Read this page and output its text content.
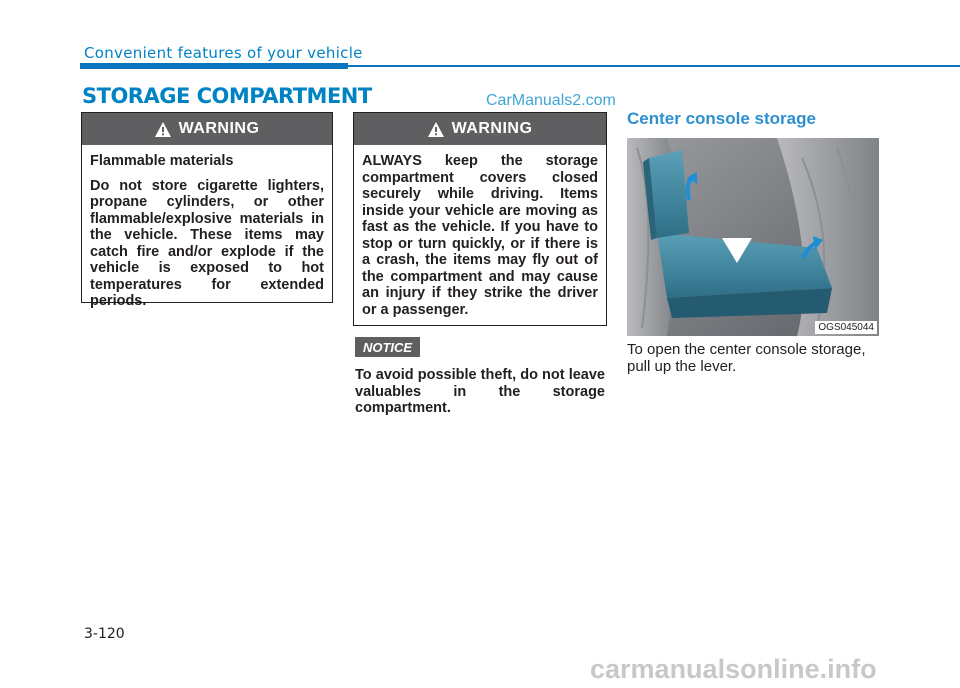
Convenient features of your vehicle
STORAGE COMPARTMENT	CarManuals2.com
WARNING

Flammable materials

Do not store cigarette lighters, propane cylinders, or other flammable/explosive materials in the vehicle. These items may catch fire and/or explode if the vehicle is exposed to hot temperatures for extended periods.

WARNING

ALWAYS keep the storage compartment covers closed securely while driving. Items inside your vehicle are moving as fast as the vehicle. If you have to stop or turn quickly, or if there is a crash, the items may fly out of the compartment and may cause an injury if they strike the driver or a passenger.

NOTICE
To avoid possible theft, do not leave valuables in the storage compartment.
Center console storage
OGS045044
To open the center console storage, pull up the lever.
3-120
carmanualsonline.info
